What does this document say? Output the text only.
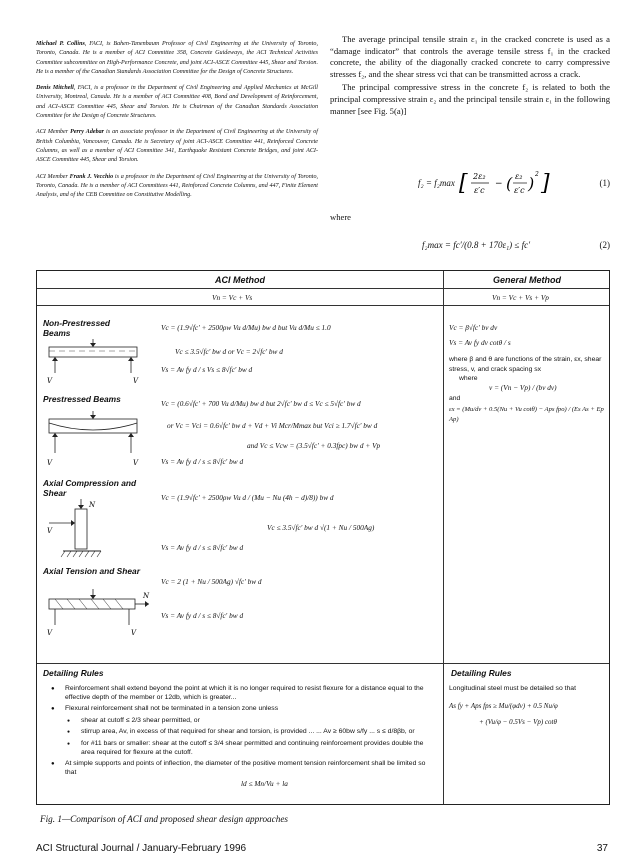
Michael P. Collins, FACI, is Bahen-Tanenbaum Professor of Civil Engineering at the University of Toronto, Toronto, Canada. He is a member of ACI Committee 358, Concrete Guideways, the ACI Technical Activities Committee subcommittee on High-Performance Concrete, and joint ACI-ASCE Committee 445, Shear and Torsion. He is a member of the Canadian Standards Association Committee for the Design of Concrete Structures.

Denis Mitchell, FACI, is a professor in the Department of Civil Engineering and Applied Mechanics at McGill University, Montreal, Canada. He is a member of ACI Committee 408, Bond and Development of Reinforcement, and ACI-ASCE Committee 445, Shear and Torsion. He is Chairman of the Canadian Standards Association Committee for the Design of Concrete Structures.

ACI Member Perry Adebar is an associate professor in the Department of Civil Engineering at the University of British Columbia, Vancouver, Canada. He is Secretary of joint ACI-ASCE Committee 441, Reinforced Concrete Columns, as well as a member of ACI Committee 341, Earthquake Resistant Concrete Bridges, and joint ACI-ASCE Committee 445, Shear and Torsion.

ACI Member Frank J. Vecchio is a professor in the Department of Civil Engineering at the University of Toronto, Toronto, Canada. He is a member of ACI Committees 441, Reinforced Concrete Columns, and 447, Finite Element Analysis, and of the CEB Committee on Constitutive Modelling.

The average principal tensile strain ε₁ in the cracked concrete is used as a “damage indicator” that controls the average tensile stress f₁ in the cracked concrete, the ability of the diagonally cracked concrete to carry compressive stresses f₂, and the shear stress vci that can be transmitted across a crack.

The principal compressive stress in the concrete f₂ is related to both the principal compressive strain ε₂ and the principal tensile strain ε₁ in the following manner [see Fig. 5(a)]

f₂ = f₂max [ 2ε₂
ε′c
− ( ε₂
ε′c ) 2 ]	(1)
where
f₂max = fc′/(0.8 + 170ε₁) ≤ fc′	(2)
ACI Method	General Method
Vn = Vc + Vs	Vn = Vc + Vs + Vp
Non-Prestressed Beams
V	V
Vc = (1.9√fc′ + 2500ρw Vu d/Mu) bw d but Vu d/Mu ≤ 1.0
Vc ≤ 3.5√fc′ bw d or Vc = 2√fc′ bw d
Vs = Av fy d / s Vs ≤ 8√fc′ bw d
Prestressed Beams
V	V
Vc = (0.6√fc′ + 700 Vu d/Mu) bw d but 2√fc′ bw d ≤ Vc ≤ 5√fc′ bw d
or Vc = Vci = 0.6√fc′ bw d + Vd + Vi Mcr/Mmax but Vci ≥ 1.7√fc′ bw d
and Vc ≤ Vcw = (3.5√fc′ + 0.3fpc) bw d + Vp
Vs = Av fy d / s ≤ 8√fc′ bw d
Axial Compression and Shear
N
V
Vc = (1.9√fc′ + 2500ρw Vu d / (Mu − Nu (4h − d)/8)) bw d
Vc ≤ 3.5√fc′ bw d √(1 + Nu / 500Ag)
Vs = Av fy d / s ≤ 8√fc′ bw d
Axial Tension and Shear
N
V	V
Vc = 2 (1 + Nu / 500Ag) √fc′ bw d
Vs = Av fy d / s ≤ 8√fc′ bw d
Vc = β√fc′ bv dv
Vs = Av fy dv cotθ / s
where β and θ are functions of the strain, εx, shear stress, v, and crack spacing sx
where
v = (Vn − Vp) / (bv dv)
and
εx = (Mu/dv + 0.5(Nu + Vu cotθ) − Aps fpo) / (Es As + Ep Ap)
Detailing Rules	Detailing Rules
● Reinforcement shall extend beyond the point at which it is no longer required to resist flexure for a distance equal to the effective depth of the member or 12db, which is greater...
● Flexural reinforcement shall not be terminated in a tension zone unless
● shear at cutoff ≤ 2/3 shear permitted, or
● stirrup area, Av, in excess of that required for shear and torsion, is provided ... ... Av ≥ 60bw s/fy ... s ≤ d/8βb, or
● for #11 bars or smaller: shear at the cutoff ≤ 3/4 shear permitted and continuing reinforcement provides double the area required for flexure at the cutoff.
● At simple supports and points of inflection, the diameter of the positive moment tension reinforcement shall be limited so that
ld ≤ Mn/Vu + la
Longitudinal steel must be detailed so that
As fy + Aps fps ≥ Mu/(φdv) + 0.5 Nu/φ
+ (Vu/φ − 0.5Vs − Vp) cotθ
Fig. 1—Comparison of ACI and proposed shear design approaches
ACI Structural Journal / January-February 1996	37
